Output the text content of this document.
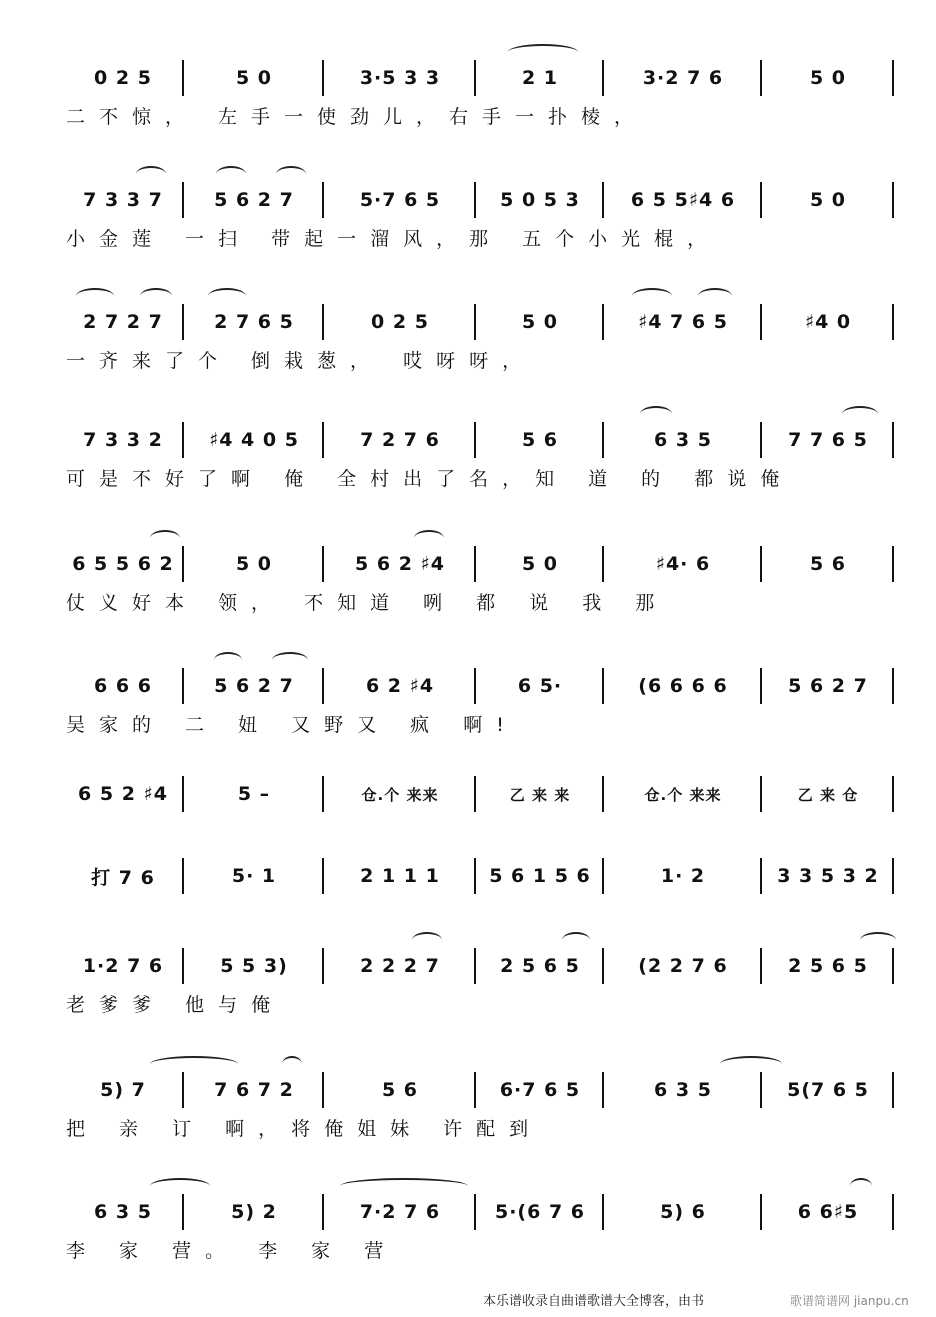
0 2 5	5 0	3·5 3 3	2 1	3·2 7 6	5 0
二不惊， 左手一使劲儿，右手一扑棱，
7 3 3 7	5 6 2 7	5·7 6 5	5 0 5 3	6 5 5♯4 6	5 0
小金莲 一扫 带起一溜风，那 五个小光棍，
2 7 2 7	2 7 6 5	0 2 5	5 0	♯4 7 6 5	♯4 0
一齐来了个 倒栽葱， 哎呀呀，
7 3 3 2	♯4 4 0 5	7 2 7 6	5 6	6 3 5	7 7 6 5
可是不好了啊 俺 全村出了名，知 道 的 都说俺
6 5 5 6 2	5 0	5 6 2 ♯4	5 0	♯4· 6	5 6
仗义好本 领， 不知道 咧 都 说 我 那
6 6 6	5 6 2 7	6 2 ♯4	6 5·	(6 6 6 6	5 6 2 7
吴家的 二 妞 又野又 疯 啊!
6 5 2 ♯4	5 –	仓.个 来来	乙 来 来	仓.个 来来	乙 来 仓
打 7 6	5· 1	2 1 1 1	5 6 1 5 6	1· 2	3 3 5 3 2
1·2 7 6	5 5 3)	2 2 2 7	2 5 6 5	(2 2 7 6	2 5 6 5
老爹爹 他与俺
5) 7	7 6 7 2	5 6	6·7 6 5	6 3 5	5(7 6 5
把 亲 订 啊，将俺姐妹 许配到
6 3 5	5) 2	7·2 7 6	5·(6 7 6	5) 6	6 6♯5
李 家 营。 李 家 营
本乐谱收录自曲谱歌谱大全博客，由书	歌谱简谱网 jianpu.cn
